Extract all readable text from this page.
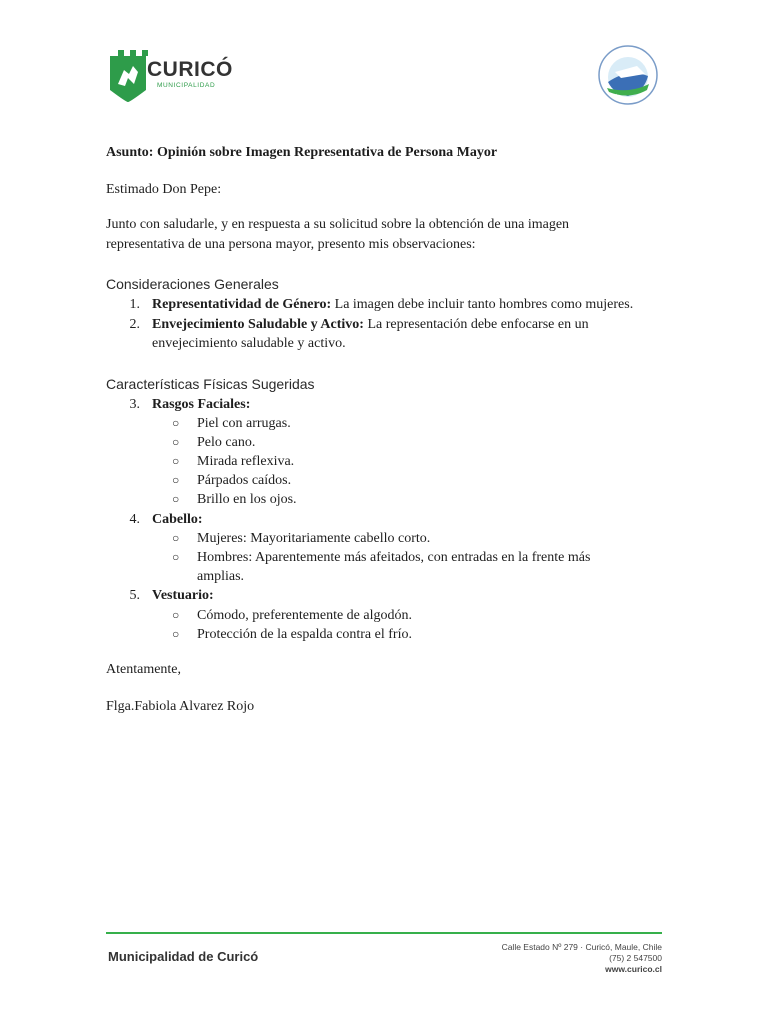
CURICÓ
MUNICIPALIDAD
★
★
Asunto: Opinión sobre Imagen Representativa de Persona Mayor
Estimado Don Pepe:
Junto con saludarle, y en respuesta a su solicitud sobre la obtención de una imagen
representativa de una persona mayor, presento mis observaciones:
Consideraciones Generales
1. Representatividad de Género: La imagen debe incluir tanto hombres como mujeres.
2. Envejecimiento Saludable y Activo: La representación debe enfocarse en un
envejecimiento saludable y activo.
Características Físicas Sugeridas
3. Rasgos Faciales:
○ Piel con arrugas.
○ Pelo cano.
○ Mirada reflexiva.
○ Párpados caídos.
○ Brillo en los ojos.
4. Cabello:
○ Mujeres: Mayoritariamente cabello corto.
○ Hombres: Aparentemente más afeitados, con entradas en la frente más
amplias.
5. Vestuario:
○ Cómodo, preferentemente de algodón.
○ Protección de la espalda contra el frío.
Atentamente,
Flga.Fabiola Alvarez Rojo
Municipalidad de Curicó
Calle Estado Nº 279 · Curicó, Maule, Chile
(75) 2 547500
www.curico.cl
